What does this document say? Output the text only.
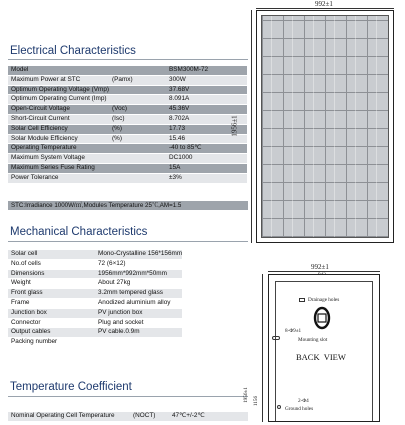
Electrical Characteristics
Model		BSM300M-72
Maximum Power at STC	(Pamx)	300W
Optimum Operating Voltage (Vmp)		37.68V
Optimum Operating Current (Imp)		8.091A
Open-Circuit Voltage	(Voc)	45.36V
Short-Circuit Current	(Isc)	8.702A
Solar Cell Efficiency	(%)	17.73
Solar Module Efficiency	(%)	15.46
Operating Temperature		-40 to 85℃
Maximum System Voltage		DC1000
Maximum Series Fuse Rating		15A
Power Tolerance		±3%
STC:Irradiance 1000W/㎡,Modules Temperature 25℃,AM=1.5
Mechanical Characteristics
Solar cell	Mono-Crystalline 156*156mm
No.of cells	72 (6×12)
Dimensions	1956mm*992mm*50mm
Weight	About 27kg
Front glass	3.2mm tempered glass
Frame	Anodized aluminium alloy
Junction box	PV junction box
Connector	Plug and socket
Output cables	PV cable.0.9m
Packing number	
Temperature Coefficient
Nominal Operating Cell Temperature	(NOCT)	47℃+/-2℃
992±1
1956±1
992±1
1956±1 1156
Drainage holes
8-Φ9±1
Mounting slot
BACK  VIEW
2-Φ4
Ground holes
